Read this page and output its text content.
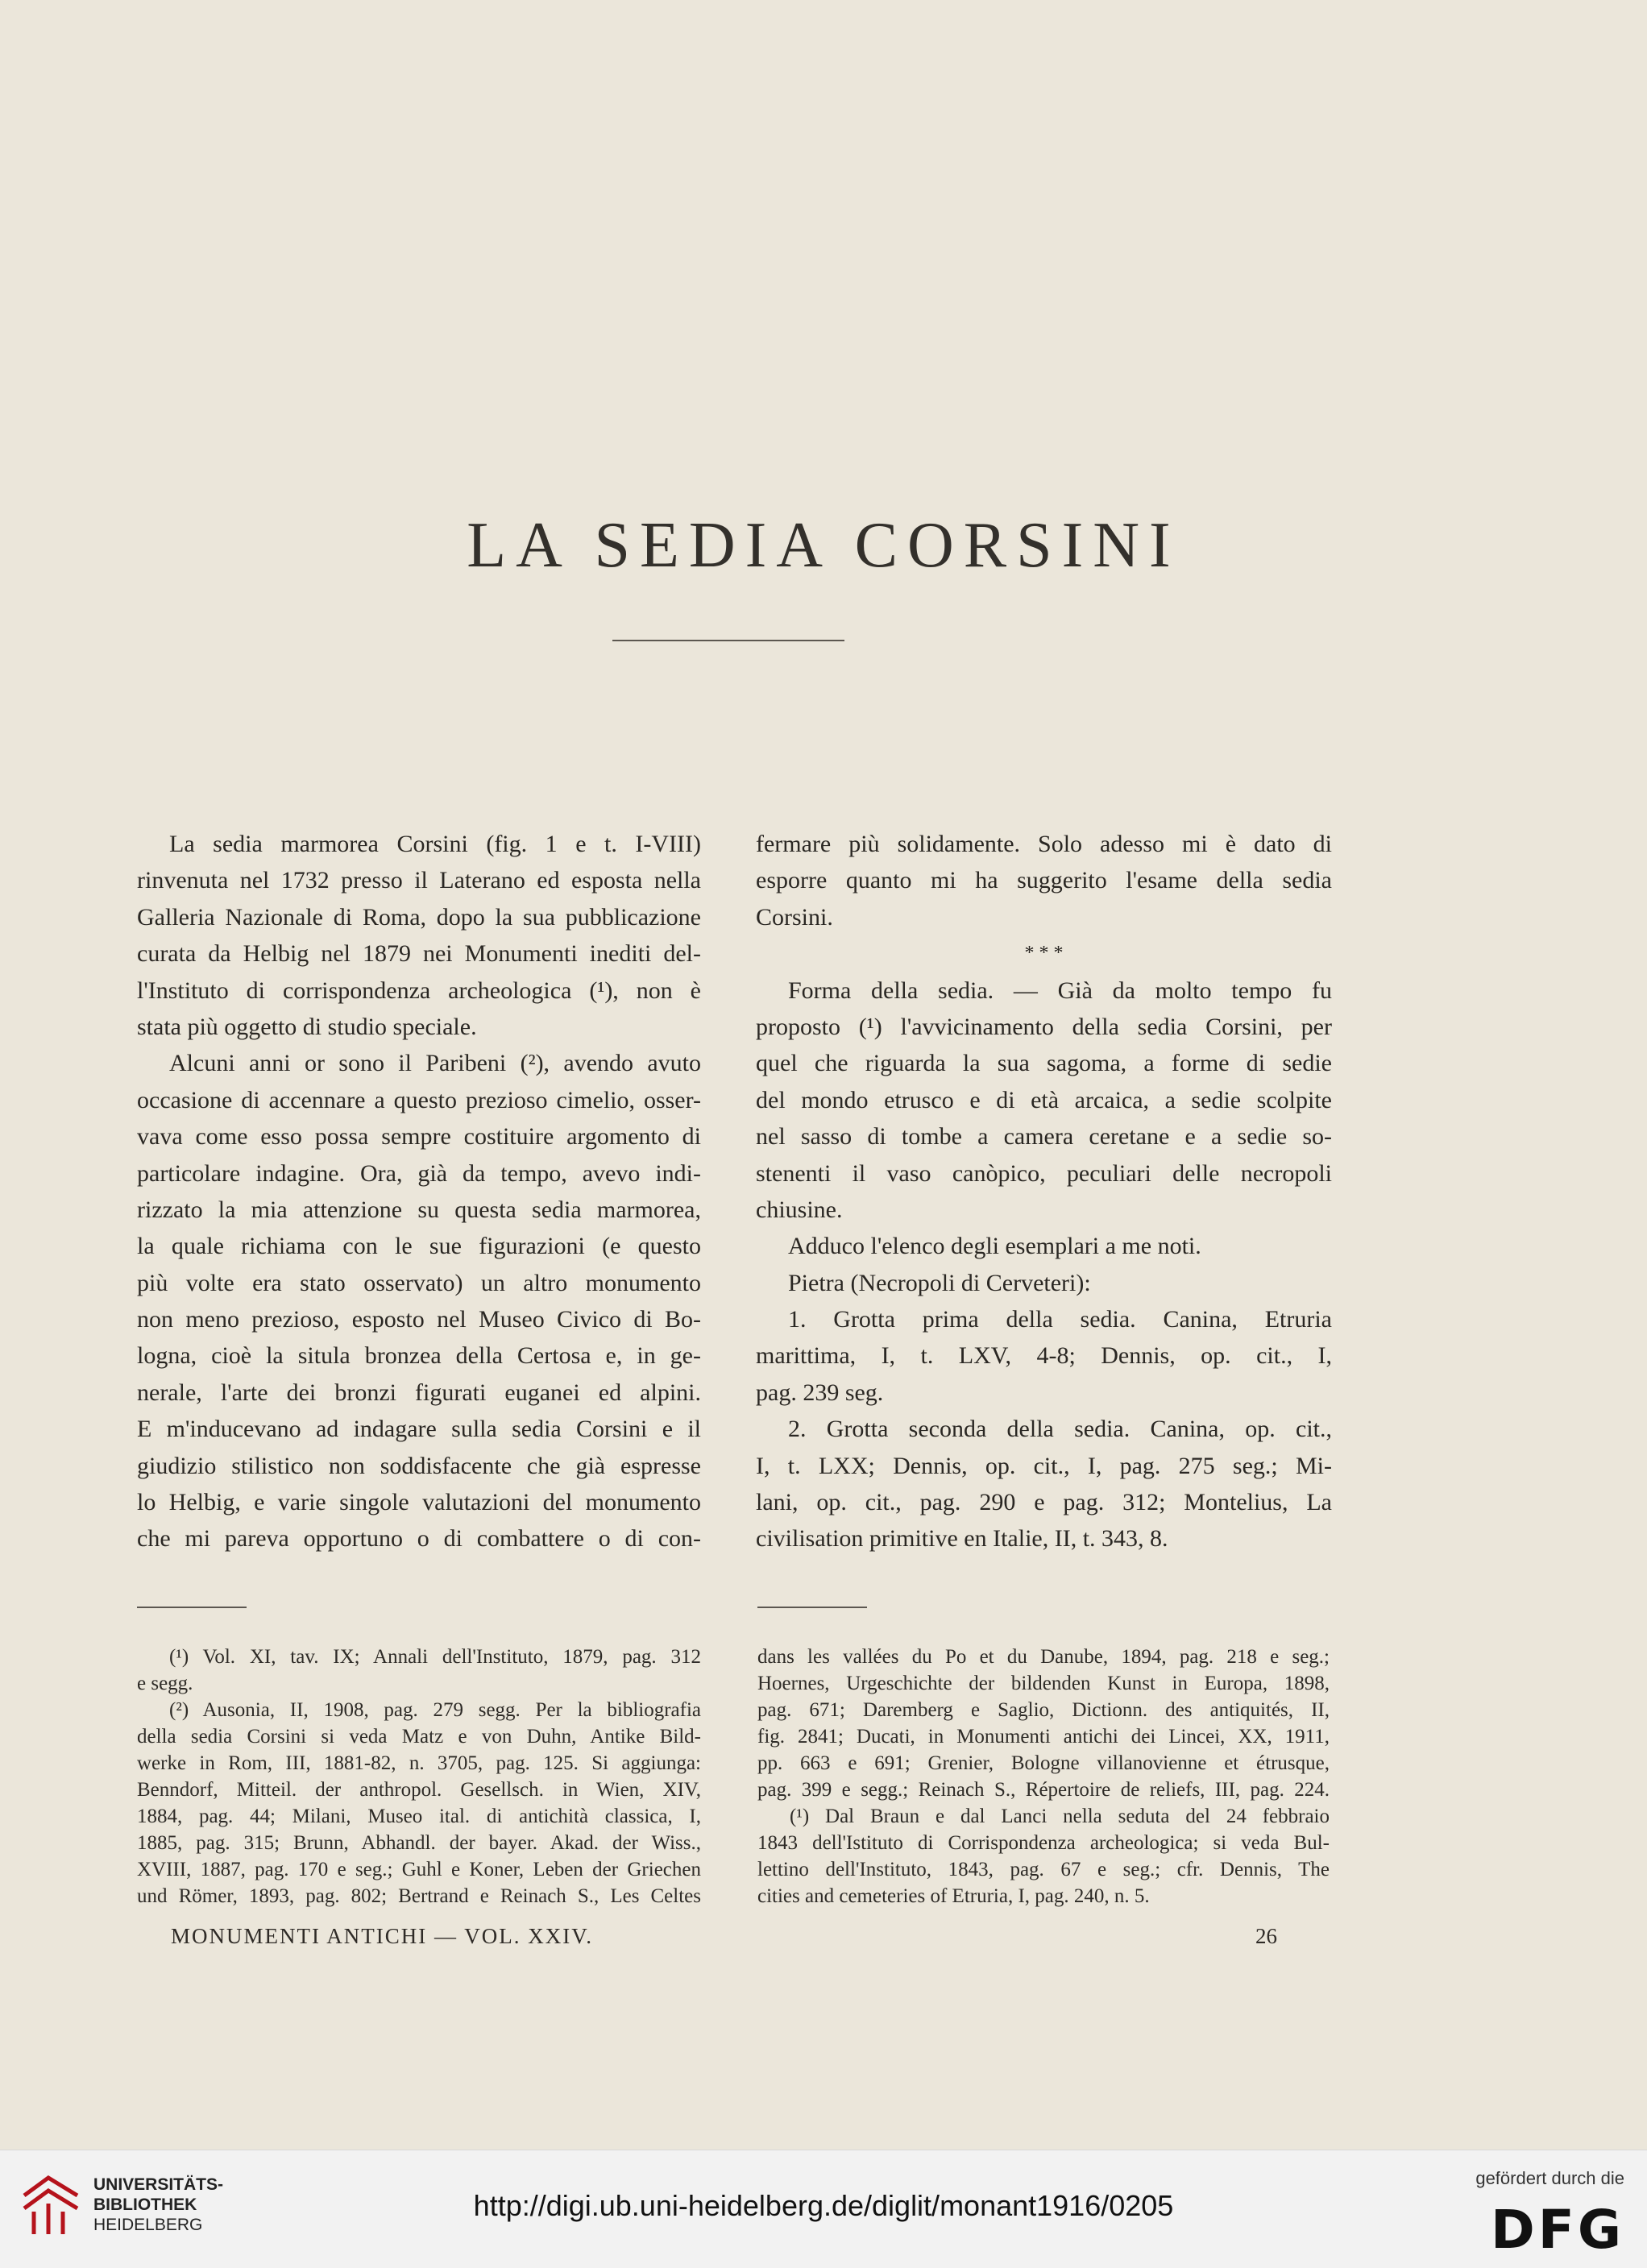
LA SEDIA CORSINI
La sedia marmorea Corsini (fig. 1 e t. I-VIII)
rinvenuta nel 1732 presso il Laterano ed esposta nella
Galleria Nazionale di Roma, dopo la sua pubblicazione
curata da Helbig nel 1879 nei Monumenti inediti del-
l'Instituto di corrispondenza archeologica (¹), non è
stata più oggetto di studio speciale.
Alcuni anni or sono il Paribeni (²), avendo avuto
occasione di accennare a questo prezioso cimelio, osser-
vava come esso possa sempre costituire argomento di
particolare indagine. Ora, già da tempo, avevo indi-
rizzato la mia attenzione su questa sedia marmorea,
la quale richiama con le sue figurazioni (e questo
più volte era stato osservato) un altro monumento
non meno prezioso, esposto nel Museo Civico di Bo-
logna, cioè la situla bronzea della Certosa e, in ge-
nerale, l'arte dei bronzi figurati euganei ed alpini.
E m'inducevano ad indagare sulla sedia Corsini e il
giudizio stilistico non soddisfacente che già espresse
lo Helbig, e varie singole valutazioni del monumento
che mi pareva opportuno o di combattere o di con-
fermare più solidamente. Solo adesso mi è dato di
esporre quanto mi ha suggerito l'esame della sedia
Corsini.
* * *
Forma della sedia. — Già da molto tempo fu
proposto (¹) l'avvicinamento della sedia Corsini, per
quel che riguarda la sua sagoma, a forme di sedie
del mondo etrusco e di età arcaica, a sedie scolpite
nel sasso di tombe a camera ceretane e a sedie so-
stenenti il vaso canòpico, peculiari delle necropoli
chiusine.
Adduco l'elenco degli esemplari a me noti.
Pietra (Necropoli di Cerveteri):
1. Grotta prima della sedia. Canina, Etruria
marittima, I, t. LXV, 4-8; Dennis, op. cit., I,
pag. 239 seg.
2. Grotta seconda della sedia. Canina, op. cit.,
I, t. LXX; Dennis, op. cit., I, pag. 275 seg.; Mi-
lani, op. cit., pag. 290 e pag. 312; Montelius, La
civilisation primitive en Italie, II, t. 343, 8.
(¹) Vol. XI, tav. IX; Annali dell'Instituto, 1879, pag. 312
e segg.
(²) Ausonia, II, 1908, pag. 279 segg. Per la bibliografia
della sedia Corsini si veda Matz e von Duhn, Antike Bild-
werke in Rom, III, 1881-82, n. 3705, pag. 125. Si aggiunga:
Benndorf, Mitteil. der anthropol. Gesellsch. in Wien, XIV,
1884, pag. 44; Milani, Museo ital. di antichità classica, I,
1885, pag. 315; Brunn, Abhandl. der bayer. Akad. der Wiss.,
XVIII, 1887, pag. 170 e seg.; Guhl e Koner, Leben der Griechen
und Römer, 1893, pag. 802; Bertrand e Reinach S., Les Celtes
dans les vallées du Po et du Danube, 1894, pag. 218 e seg.;
Hoernes, Urgeschichte der bildenden Kunst in Europa, 1898,
pag. 671; Daremberg e Saglio, Dictionn. des antiquités, II,
fig. 2841; Ducati, in Monumenti antichi dei Lincei, XX, 1911,
pp. 663 e 691; Grenier, Bologne villanovienne et étrusque,
pag. 399 e segg.; Reinach S., Répertoire de reliefs, III, pag. 224.
(¹) Dal Braun e dal Lanci nella seduta del 24 febbraio
1843 dell'Istituto di Corrispondenza archeologica; si veda Bul-
lettino dell'Instituto, 1843, pag. 67 e seg.; cfr. Dennis, The
cities and cemeteries of Etruria, I, pag. 240, n. 5.
MONUMENTI ANTICHI — VOL. XXIV.	26
UNIVERSITÄTS-
BIBLIOTHEK
HEIDELBERG
http://digi.ub.uni-heidelberg.de/diglit/monant1916/0205
gefördert durch die
DFG
